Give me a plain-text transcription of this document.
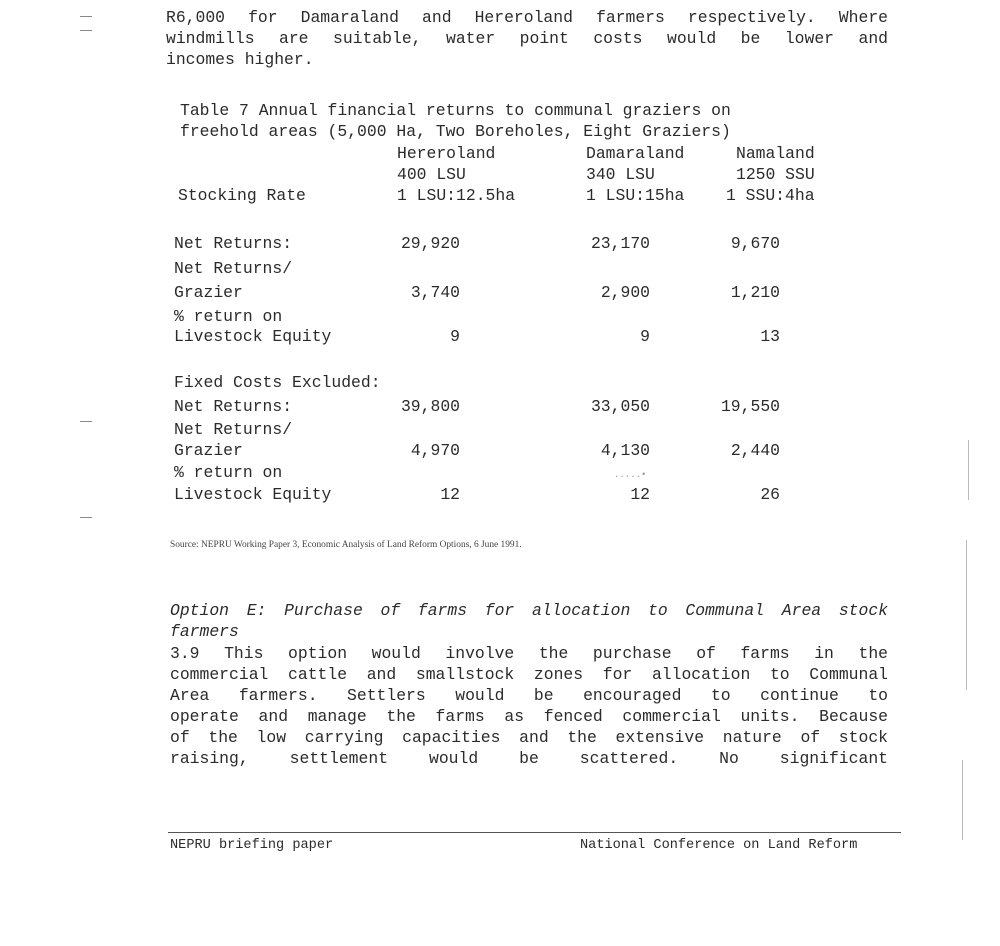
.....•
R6,000 for Damaraland and Hereroland farmers respectively. Where
windmills are suitable, water point costs would be lower and
incomes higher.
Table 7 Annual financial returns to communal graziers on
freehold areas (5,000 Ha, Two Boreholes, Eight Graziers)
Hereroland	Damaraland	Namaland
400 LSU	340 LSU	1250 SSU
Stocking Rate	1 LSU:12.5ha	1 LSU:15ha	1 SSU:4ha
Net Returns:	29,920	23,170	9,670
Net Returns/
Grazier	3,740	2,900	1,210
% return on
Livestock Equity	9	9	13
Fixed Costs Excluded:
Net Returns:	39,800	33,050	19,550
Net Returns/
Grazier	4,970	4,130	2,440
% return on
Livestock Equity	12	12	26
Source: NEPRU Working Paper 3, Economic Analysis of Land Reform Options, 6 June 1991.
Option E: Purchase of farms for allocation to Communal Area stock
farmers
3.9 This option would involve the purchase of farms in the
commercial cattle and smallstock zones for allocation to Communal
Area farmers. Settlers would be encouraged to continue to
operate and manage the farms as fenced commercial units. Because
of the low carrying capacities and the extensive nature of stock
raising, settlement would be scattered. No significant
NEPRU briefing paper	National Conference on Land Reform
